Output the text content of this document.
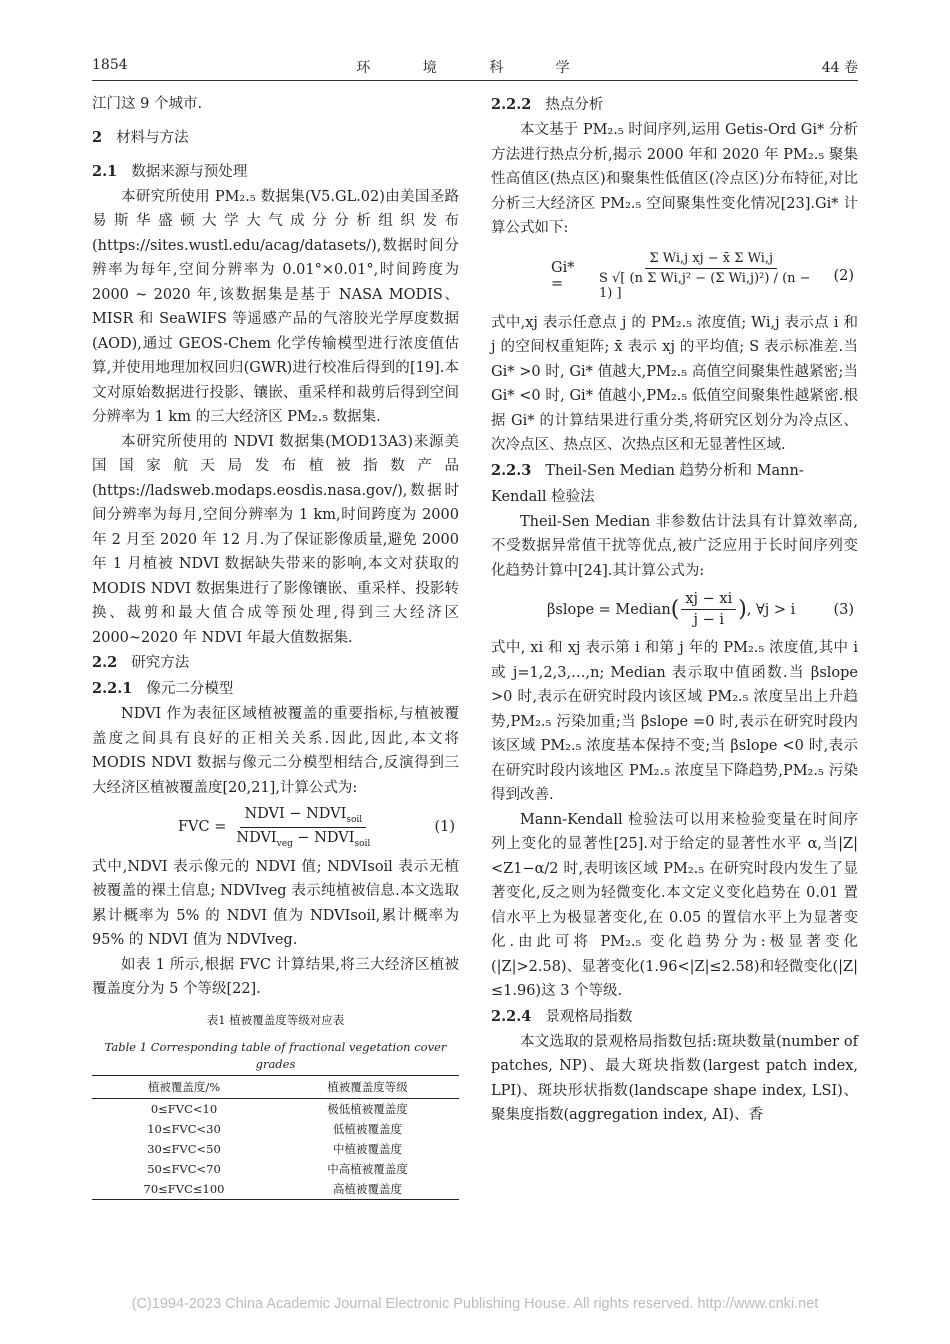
1854	环 境 科 学	44 卷

江门这 9 个城市.

2 材料与方法
2.1 数据来源与预处理

本研究所使用 PM₂.₅ 数据集(V5.GL.02)由美国圣路易斯华盛顿大学大气成分分析组织发布(https://sites.wustl.edu/acag/datasets/),数据时间分辨率为每年,空间分辨率为 0.01°×0.01°,时间跨度为 2000 ~ 2020 年,该数据集是基于 NASA MODIS、MISR 和 SeaWIFS 等遥感产品的气溶胶光学厚度数据(AOD),通过 GEOS-Chem 化学传输模型进行浓度值估算,并使用地理加权回归(GWR)进行校准后得到的[19].本文对原始数据进行投影、镶嵌、重采样和裁剪后得到空间分辨率为 1 km 的三大经济区 PM₂.₅ 数据集.

本研究所使用的 NDVI 数据集(MOD13A3)来源美国国家航天局发布植被指数产品(https://ladsweb.modaps.eosdis.nasa.gov/),数据时间分辨率为每月,空间分辨率为 1 km,时间跨度为 2000 年 2 月至 2020 年 12 月.为了保证影像质量,避免 2000 年 1 月植被 NDVI 数据缺失带来的影响,本文对获取的 MODIS NDVI 数据集进行了影像镶嵌、重采样、投影转换、裁剪和最大值合成等预处理,得到三大经济区 2000~2020 年 NDVI 年最大值数据集.

2.2 研究方法
2.2.1 像元二分模型

NDVI 作为表征区域植被覆盖的重要指标,与植被覆盖度之间具有良好的正相关关系.因此,因此,本文将 MODIS NDVI 数据与像元二分模型相结合,反演得到三大经济区植被覆盖度[20,21],计算公式为:

FVC = $\frac{NDVI - NDVI_{soil}}{NDVI_{veg} - NDVI_{soil}}$	(1)

式中,NDVI 表示像元的 NDVI 值; NDVIsoil 表示无植被覆盖的裸土信息; NDVIveg 表示纯植被信息.本文选取累计概率为 5% 的 NDVI 值为 NDVIsoil,累计概率为 95% 的 NDVI 值为 NDVIveg.

如表 1 所示,根据 FVC 计算结果,将三大经济区植被覆盖度分为 5 个等级[22].

表1 植被覆盖度等级对应表
Table 1 Corresponding table of fractional vegetation cover grades
植被覆盖度/%	植被覆盖度等级
0≤FVC<10	极低植被覆盖度
10≤FVC<30	低植被覆盖度
30≤FVC<50	中植被覆盖度
50≤FVC<70	中高植被覆盖度
70≤FVC≤100	高植被覆盖度
2.2.2 热点分析

本文基于 PM₂.₅ 时间序列,运用 Getis-Ord Gi* 分析方法进行热点分析,揭示 2000 年和 2020 年 PM₂.₅ 聚集性高值区(热点区)和聚集性低值区(冷点区)分布特征,对比分析三大经济区 PM₂.₅ 空间聚集性变化情况[23].Gi* 计算公式如下:

Gi* =	$\frac{\text{Σ Wi,j xj − x̄ Σ Wi,j}}{\text{S √[ (n Σ Wi,j² − (Σ Wi,j)²) / (n − 1) ]}} (2)$

式中,xj 表示任意点 j 的 PM₂.₅ 浓度值; Wi,j 表示点 i 和 j 的空间权重矩阵; x̄ 表示 xj 的平均值; S 表示标准差.当 Gi* >0 时, Gi* 值越大,PM₂.₅ 高值空间聚集性越紧密;当 Gi* <0 时, Gi* 值越小,PM₂.₅ 低值空间聚集性越紧密.根据 Gi* 的计算结果进行重分类,将研究区划分为冷点区、次冷点区、热点区、次热点区和无显著性区域.

2.2.3 Theil-Sen Median 趋势分析和 Mann-Kendall 检验法

Theil-Sen Median 非参数估计法具有计算效率高,不受数据异常值干扰等优点,被广泛应用于长时间序列变化趋势计算中[24].其计算公式为:

βslope = Median ( $\frac{xj - xi}{j - i}$ ) , ∀j > i	(3)

式中, xi 和 xj 表示第 i 和第 j 年的 PM₂.₅ 浓度值,其中 i 或 j=1,2,3,…,n; Median 表示取中值函数.当 βslope >0 时,表示在研究时段内该区域 PM₂.₅ 浓度呈出上升趋势,PM₂.₅ 污染加重;当 βslope =0 时,表示在研究时段内该区域 PM₂.₅ 浓度基本保持不变;当 βslope <0 时,表示在研究时段内该地区 PM₂.₅ 浓度呈下降趋势,PM₂.₅ 污染得到改善.

Mann-Kendall 检验法可以用来检验变量在时间序列上变化的显著性[25].对于给定的显著性水平 α,当|Z|<Z1−α/2 时,表明该区域 PM₂.₅ 在研究时段内发生了显著变化,反之则为轻微变化.本文定义变化趋势在 0.01 置信水平上为极显著变化,在 0.05 的置信水平上为显著变化.由此可将 PM₂.₅ 变化趋势分为:极显著变化(|Z|>2.58)、显著变化(1.96<|Z|≤2.58)和轻微变化(|Z|≤1.96)这 3 个等级.

2.2.4 景观格局指数

本文选取的景观格局指数包括:斑块数量(number of patches, NP)、最大斑块指数(largest patch index, LPI)、斑块形状指数(landscape shape index, LSI)、聚集度指数(aggregation index, AI)、香

(C)1994-2023 China Academic Journal Electronic Publishing House. All rights reserved. http://www.cnki.net
